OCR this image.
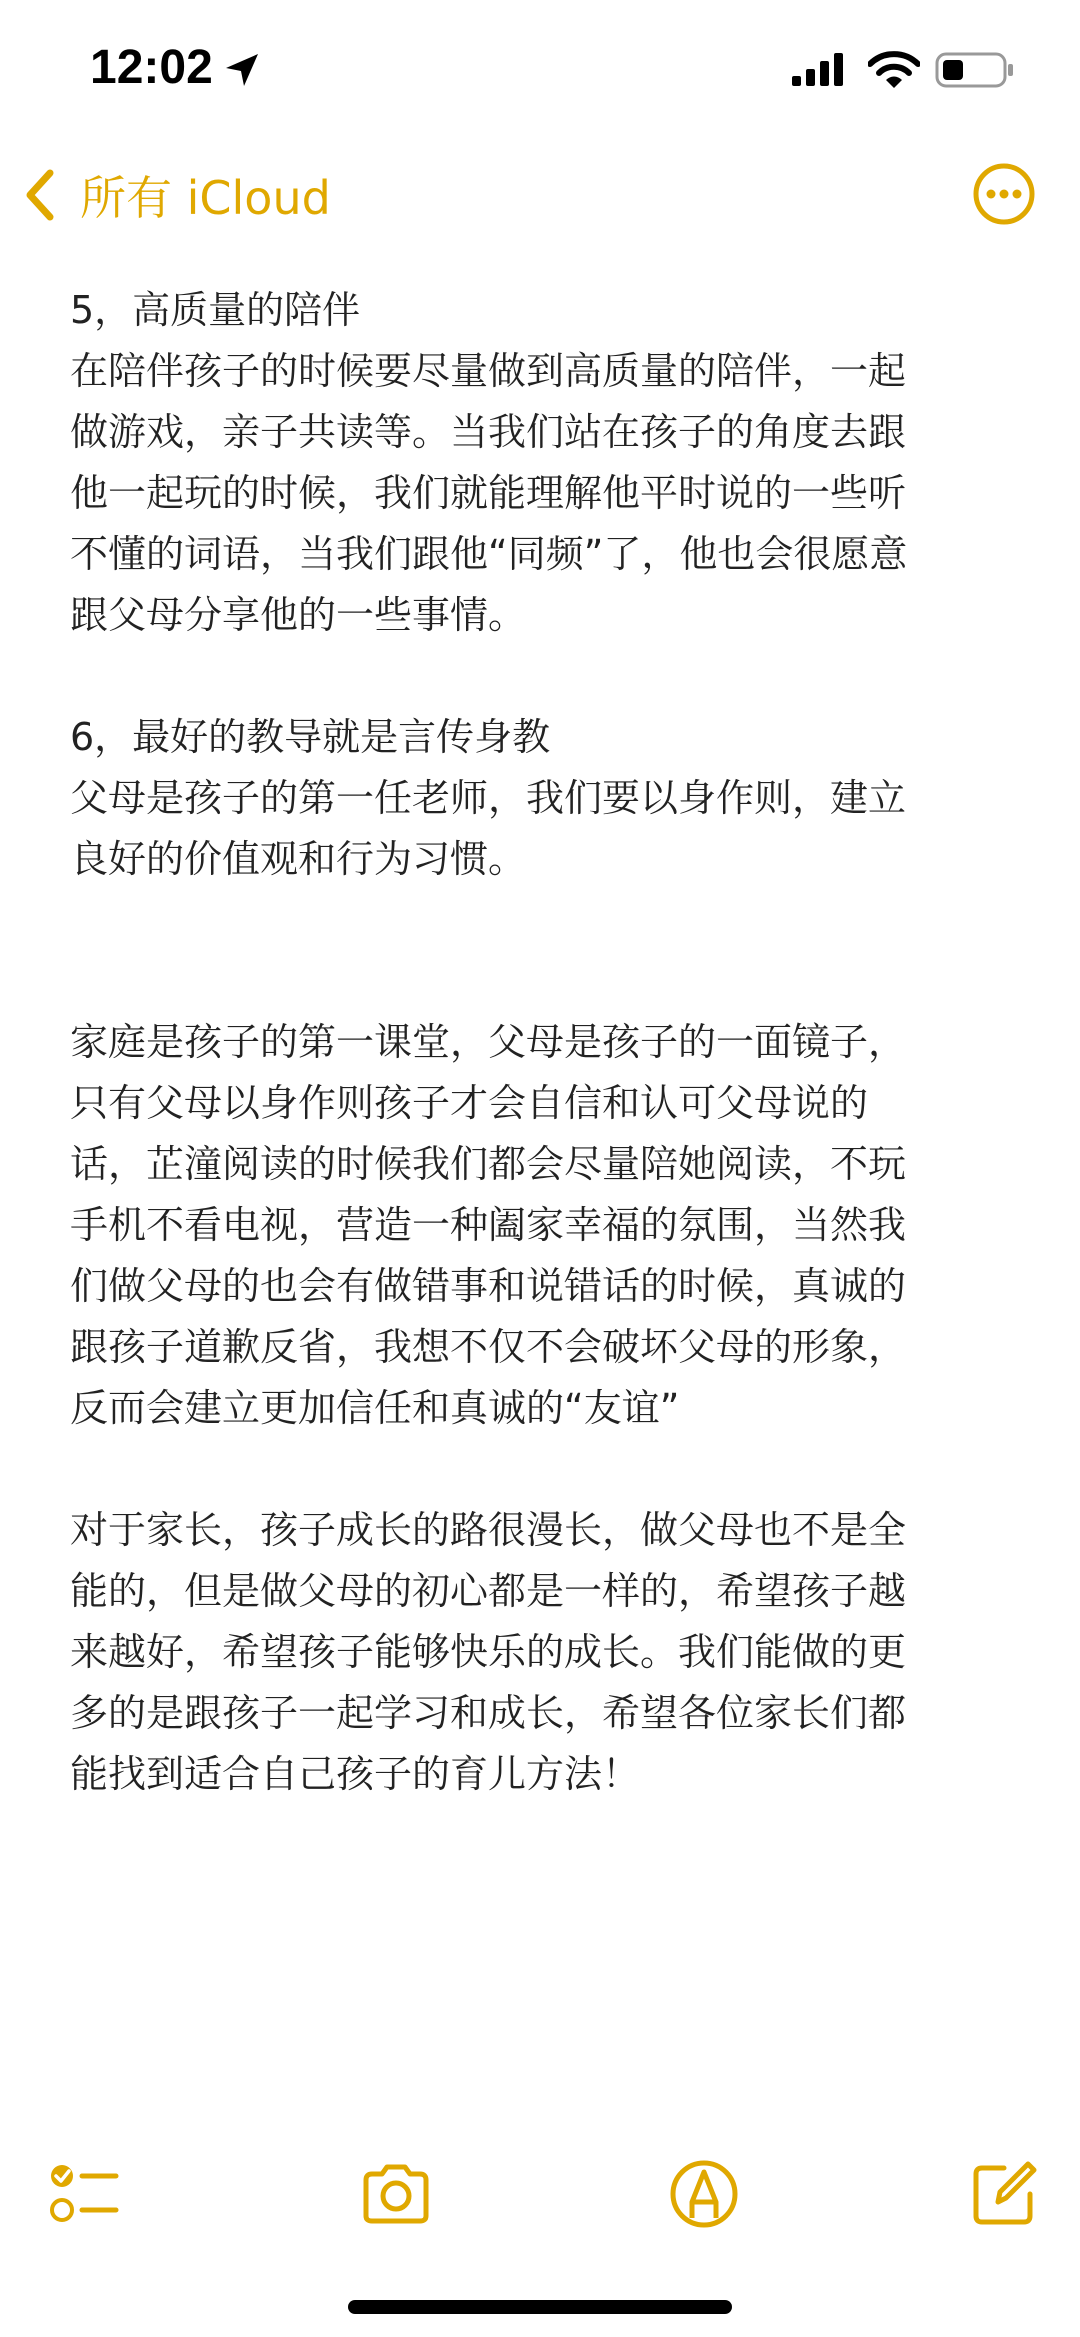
12:02
所有 iCloud
5，高质量的陪伴
在陪伴孩子的时候要尽量做到高质量的陪伴，一起
做游戏，亲子共读等。当我们站在孩子的角度去跟
他一起玩的时候，我们就能理解他平时说的一些听
不懂的词语，当我们跟他“同频”了，他也会很愿意
跟父母分享他的一些事情。
6，最好的教导就是言传身教
父母是孩子的第一任老师，我们要以身作则，建立
良好的价值观和行为习惯。
家庭是孩子的第一课堂，父母是孩子的一面镜子，
只有父母以身作则孩子才会自信和认可父母说的
话，芷潼阅读的时候我们都会尽量陪她阅读，不玩
手机不看电视，营造一种阖家幸福的氛围，当然我
们做父母的也会有做错事和说错话的时候，真诚的
跟孩子道歉反省，我想不仅不会破坏父母的形象，
反而会建立更加信任和真诚的“友谊”
对于家长，孩子成长的路很漫长，做父母也不是全
能的，但是做父母的初心都是一样的，希望孩子越
来越好，希望孩子能够快乐的成长。我们能做的更
多的是跟孩子一起学习和成长，希望各位家长们都
能找到适合自己孩子的育儿方法！
